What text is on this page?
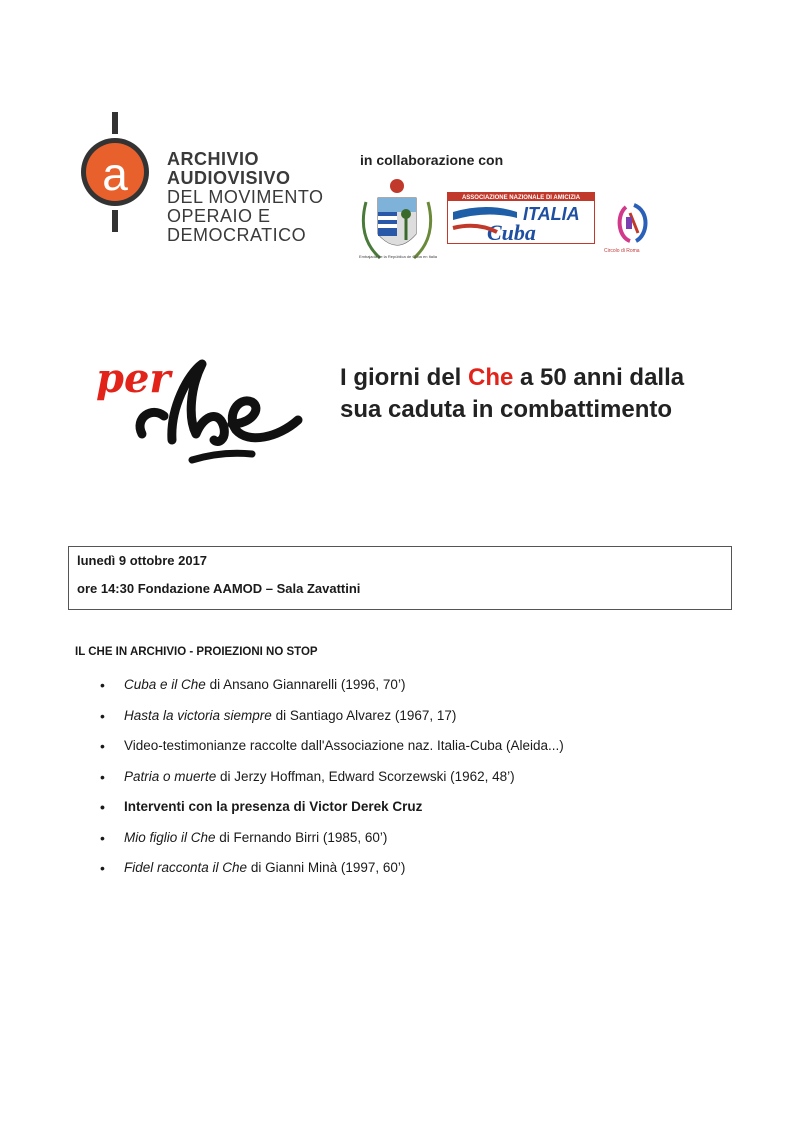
a ARCHIVIO
AUDIOVISIVO
DEL MOVIMENTO
OPERAIO E
DEMOCRATICO
in collaborazione con
Embajada de la República de Cuba en Italia
ASSOCIAZIONE NAZIONALE DI AMICIZIA
ITALIA
Cuba
Circolo di Roma
per	I giorni del Che a 50 anni dalla
sua caduta in combattimento
lunedì 9 ottobre 2017
ore 14:30 Fondazione AAMOD – Sala Zavattini
IL CHE IN ARCHIVIO - PROIEZIONI NO STOP
• Cuba e il Che di Ansano Giannarelli (1996, 70’)
• Hasta la victoria siempre di Santiago Alvarez (1967, 17)
• Video-testimonianze raccolte dall'Associazione naz. Italia-Cuba (Aleida...)
• Patria o muerte di Jerzy Hoffman, Edward Scorzewski (1962, 48’)
• Interventi con la presenza di Victor Derek Cruz
• Mio figlio il Che di Fernando Birri (1985, 60’)
• Fidel racconta il Che di Gianni Minà (1997, 60’)
